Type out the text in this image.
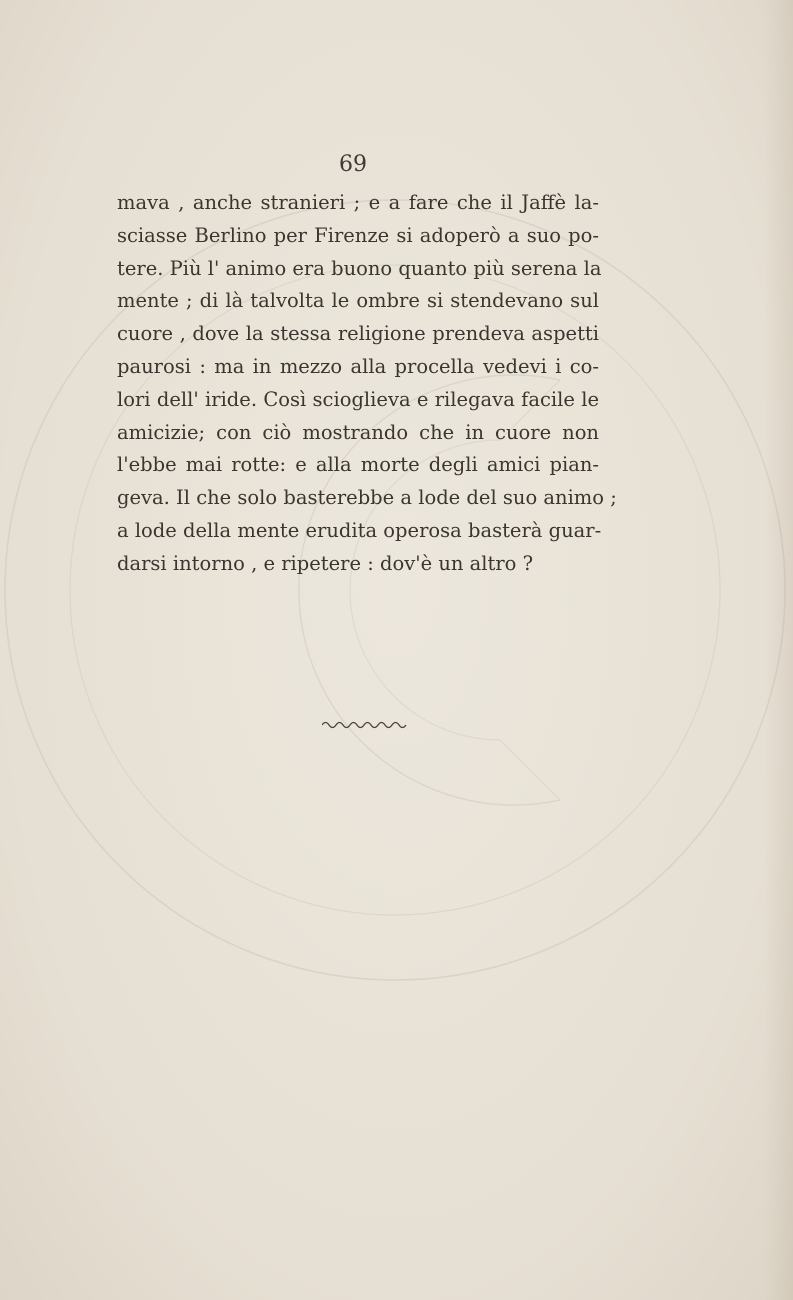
69
mava , anche stranieri ; e a fare che il Jaffè la-
sciasse Berlino per Firenze si adoperò a suo po-
tere. Più l' animo era buono quanto più serena la
mente ; di là talvolta le ombre si stendevano sul
cuore , dove la stessa religione prendeva aspetti
paurosi : ma in mezzo alla procella vedevi i co-
lori dell' iride. Così scioglieva e rilegava facile le
amicizie; con ciò mostrando che in cuore non
l'ebbe mai rotte: e alla morte degli amici pian-
geva. Il che solo basterebbe a lode del suo animo ;
a lode della mente erudita operosa basterà guar-
darsi intorno , e ripetere : dov'è un altro ?
